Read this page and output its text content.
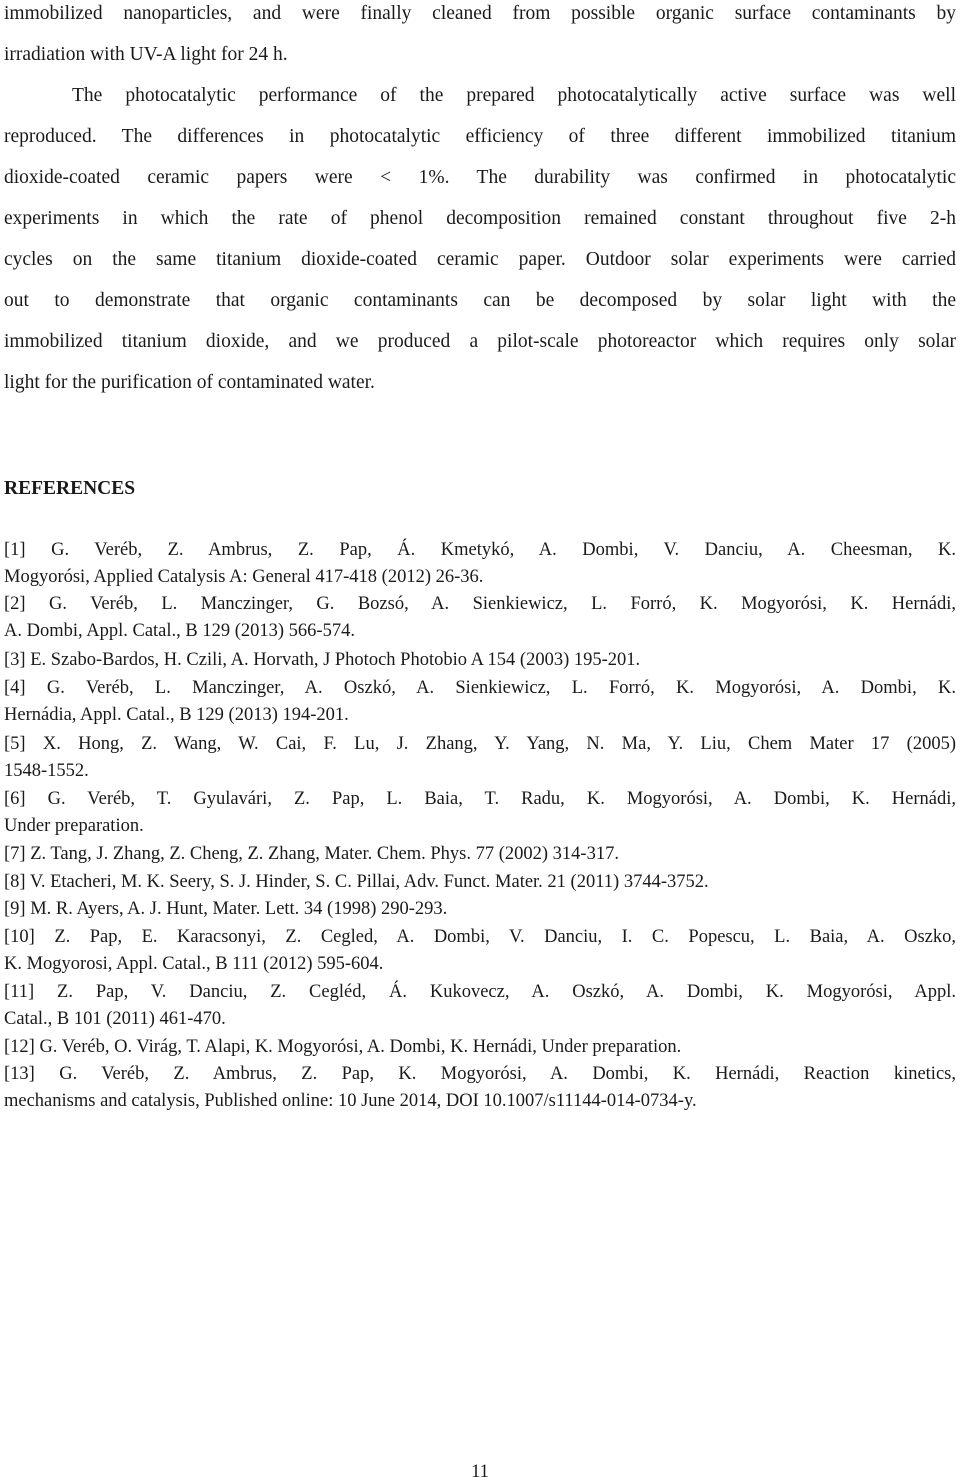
immobilized nanoparticles, and were finally cleaned from possible organic surface contaminants by
irradiation with UV-A light for 24 h.
The photocatalytic performance of the prepared photocatalytically active surface was well
reproduced. The differences in photocatalytic efficiency of three different immobilized titanium
dioxide-coated ceramic papers were < 1%. The durability was confirmed in photocatalytic
experiments in which the rate of phenol decomposition remained constant throughout five 2-h
cycles on the same titanium dioxide-coated ceramic paper. Outdoor solar experiments were carried
out to demonstrate that organic contaminants can be decomposed by solar light with the
immobilized titanium dioxide, and we produced a pilot-scale photoreactor which requires only solar
light for the purification of contaminated water.
REFERENCES
[1] G. Veréb, Z. Ambrus, Z. Pap, Á. Kmetykó, A. Dombi, V. Danciu, A. Cheesman, K.
Mogyorósi, Applied Catalysis A: General 417-418 (2012) 26-36.
[2] G. Veréb, L. Manczinger, G. Bozsó, A. Sienkiewicz, L. Forró, K. Mogyorósi, K. Hernádi,
A. Dombi, Appl. Catal., B 129 (2013) 566-574.
[3] E. Szabo-Bardos, H. Czili, A. Horvath, J Photoch Photobio A 154 (2003) 195-201.
[4] G. Veréb, L. Manczinger, A. Oszkó, A. Sienkiewicz, L. Forró, K. Mogyorósi, A. Dombi, K.
Hernádia, Appl. Catal., B 129 (2013) 194-201.
[5] X. Hong, Z. Wang, W. Cai, F. Lu, J. Zhang, Y. Yang, N. Ma, Y. Liu, Chem Mater 17 (2005)
1548-1552.
[6] G. Veréb, T. Gyulavári, Z. Pap, L. Baia, T. Radu, K. Mogyorósi, A. Dombi, K. Hernádi,
Under preparation.
[7] Z. Tang, J. Zhang, Z. Cheng, Z. Zhang, Mater. Chem. Phys. 77 (2002) 314-317.
[8] V. Etacheri, M. K. Seery, S. J. Hinder, S. C. Pillai, Adv. Funct. Mater. 21 (2011) 3744-3752.
[9] M. R. Ayers, A. J. Hunt, Mater. Lett. 34 (1998) 290-293.
[10] Z. Pap, E. Karacsonyi, Z. Cegled, A. Dombi, V. Danciu, I. C. Popescu, L. Baia, A. Oszko,
K. Mogyorosi, Appl. Catal., B 111 (2012) 595-604.
[11] Z. Pap, V. Danciu, Z. Cegléd, Á. Kukovecz, A. Oszkó, A. Dombi, K. Mogyorósi, Appl.
Catal., B 101 (2011) 461-470.
[12] G. Veréb, O. Virág, T. Alapi, K. Mogyorósi, A. Dombi, K. Hernádi, Under preparation.
[13] G. Veréb, Z. Ambrus, Z. Pap, K. Mogyorósi, A. Dombi, K. Hernádi, Reaction kinetics,
mechanisms and catalysis, Published online: 10 June 2014, DOI 10.1007/s11144-014-0734-y.
11
